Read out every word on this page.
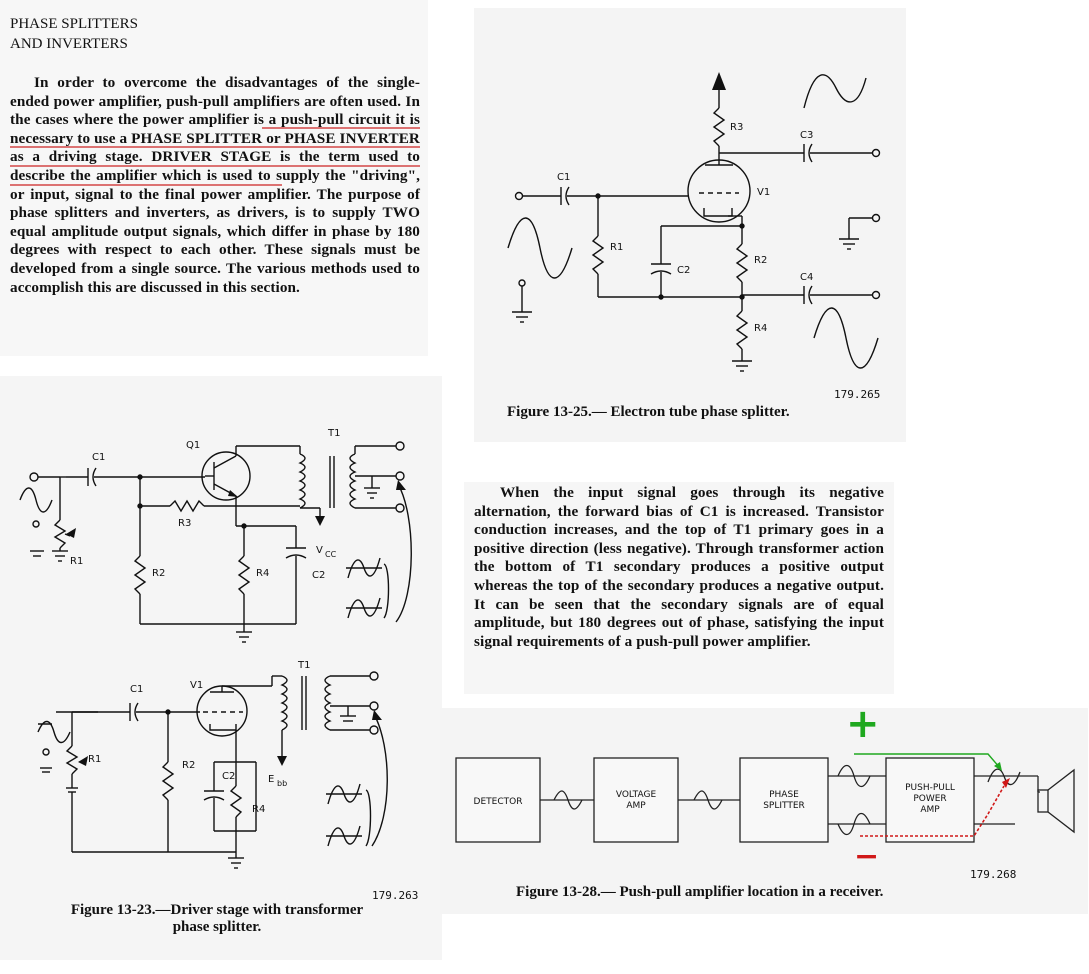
PHASE SPLITTERS
AND INVERTERS

In order to overcome the disadvantages of the single-ended power amplifier, push-pull amplifiers are often used. In the cases where the power amplifier is a push-pull circuit it is necessary to use a PHASE SPLITTER or PHASE INVERTER as a driving stage. DRIVER STAGE is the term used to describe the amplifier which is used to supply the "driving", or input, signal to the final power amplifier. The purpose of phase splitters and inverters, as drivers, is to supply TWO equal amplitude output signals, which differ in phase by 180 degrees with respect to each other. These signals must be developed from a single source. The various methods used to accomplish this are discussed in this section.

R3
V1
C3
C1
R1
C2
R2
C4
R4
179.265
Figure 13-25.— Electron tube phase splitter.
R1
C1
Q1
V CC
T1
C2
R3
R2	R4
R1
C1	V1
E bb
T1
C2
R4
R2
179.263
Figure 13-23.—Driver stage with transformer
phase splitter.

When the input signal goes through its negative alternation, the forward bias of C1 is increased. Transistor conduction increases, and the top of T1 primary goes in a positive direction (less negative). Through transformer action the bottom of T1 secondary produces a positive output whereas the top of the secondary produces a negative output. It can be seen that the secondary signals are of equal amplitude, but 180 degrees out of phase, satisfying the input signal requirements of a push-pull power amplifier.

DETECTOR
VOLTAGE
AMP
PHASE
SPLITTER
PUSH-PULL
POWER
AMP
+
−
179.268
Figure 13-28.— Push-pull amplifier location in a receiver.
